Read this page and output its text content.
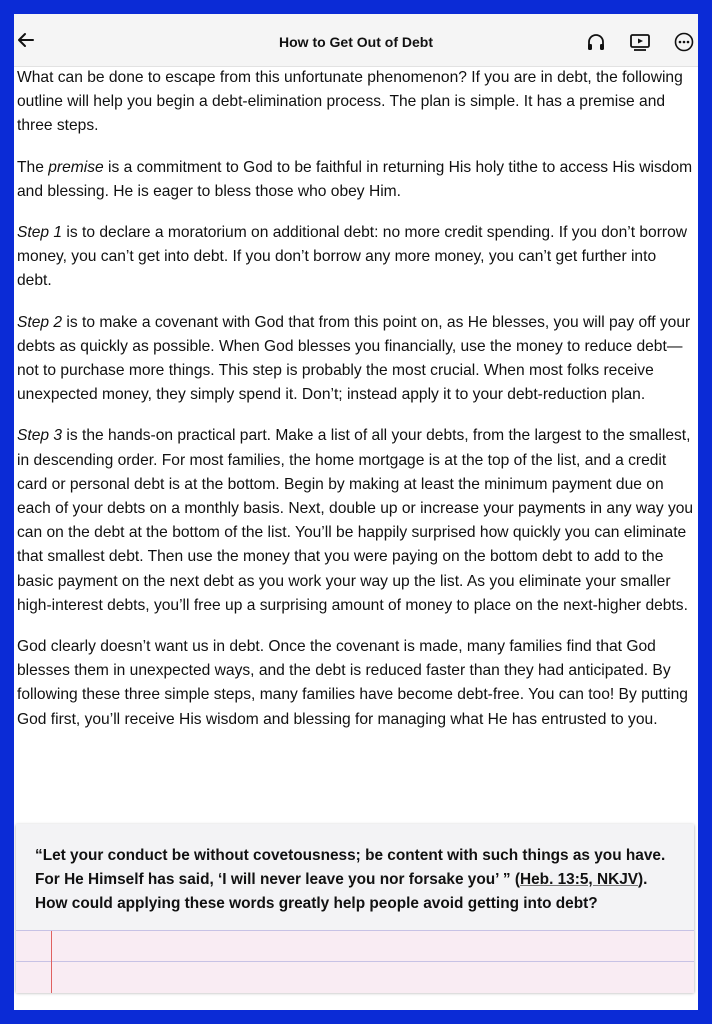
How to Get Out of Debt

What can be done to escape from this unfortunate phenomenon? If you are in debt, the following outline will help you begin a debt-elimination process. The plan is simple. It has a premise and three steps.

The premise is a commitment to God to be faithful in returning His holy tithe to access His wisdom and blessing. He is eager to bless those who obey Him.

Step 1 is to declare a moratorium on additional debt: no more credit spending. If you don’t borrow money, you can’t get into debt. If you don’t borrow any more money, you can’t get further into debt.

Step 2 is to make a covenant with God that from this point on, as He blesses, you will pay off your debts as quickly as possible. When God blesses you financially, use the money to reduce debt—not to purchase more things. This step is probably the most crucial. When most folks receive unexpected money, they simply spend it. Don’t; instead apply it to your debt-reduction plan.

Step 3 is the hands-on practical part. Make a list of all your debts, from the largest to the smallest, in descending order. For most families, the home mortgage is at the top of the list, and a credit card or personal debt is at the bottom. Begin by making at least the minimum payment due on each of your debts on a monthly basis. Next, double up or increase your payments in any way you can on the debt at the bottom of the list. You’ll be happily surprised how quickly you can eliminate that smallest debt. Then use the money that you were paying on the bottom debt to add to the basic payment on the next debt as you work your way up the list. As you eliminate your smaller high-interest debts, you’ll free up a surprising amount of money to place on the next-higher debts.

God clearly doesn’t want us in debt. Once the covenant is made, many families find that God blesses them in unexpected ways, and the debt is reduced faster than they had anticipated. By following these three simple steps, many families have become debt-free. You can too! By putting God first, you’ll receive His wisdom and blessing for managing what He has entrusted to you.

“Let your conduct be without covetousness; be content with such things as you have. For He Himself has said, ‘I will never leave you nor forsake you’ ” (Heb. 13:5, NKJV). How could applying these words greatly help people avoid getting into debt?
